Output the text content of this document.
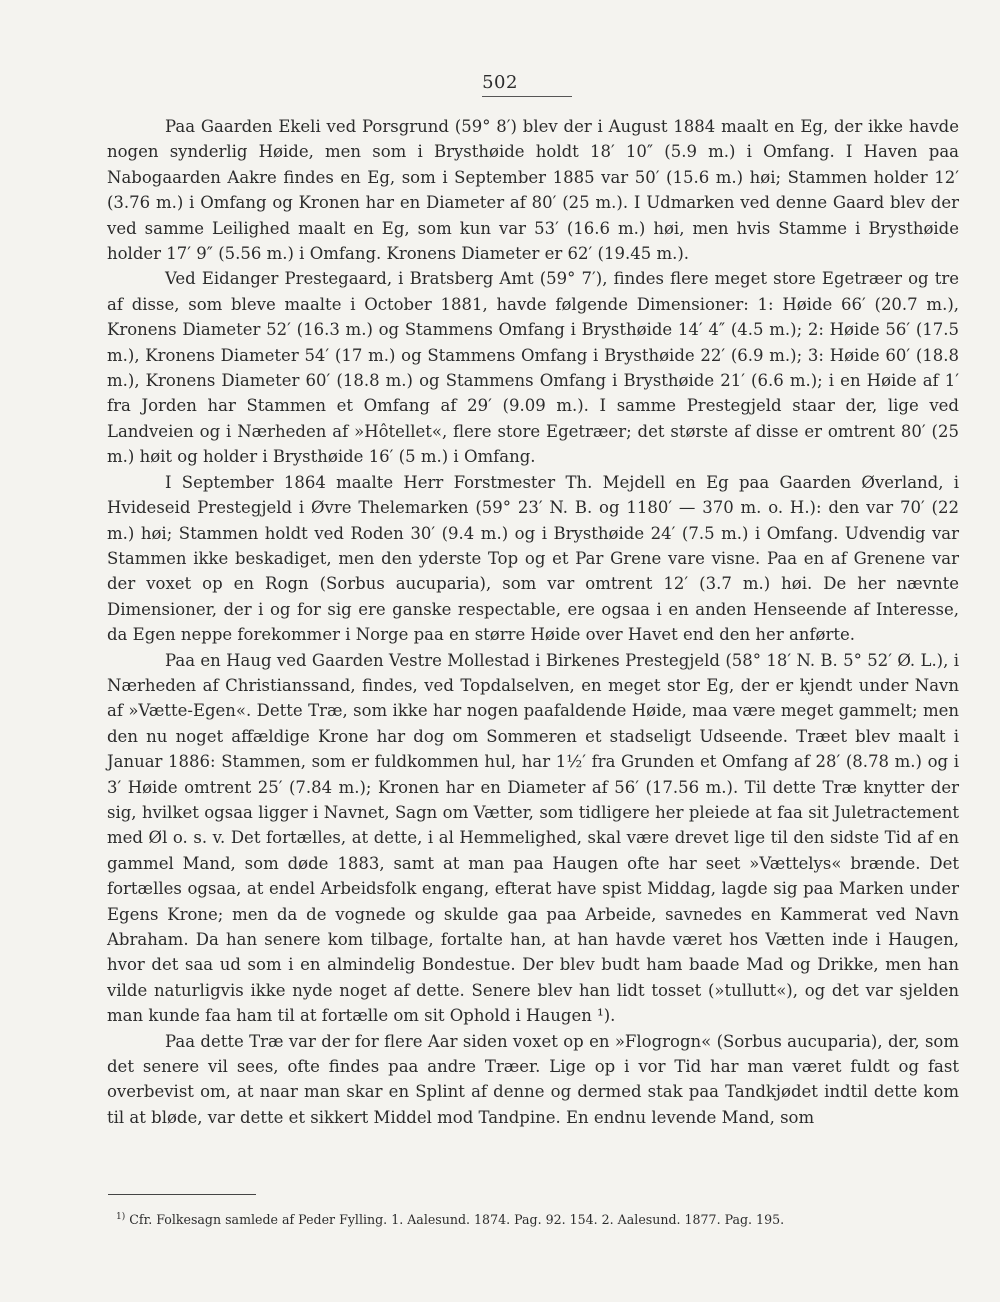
502

Paa Gaarden Ekeli ved Porsgrund (59° 8′) blev der i August 1884 maalt en Eg, der ikke havde nogen synderlig Høide, men som i Brysthøide holdt 18′ 10″ (5.9 m.) i Omfang. I Haven paa Nabogaarden Aakre findes en Eg, som i September 1885 var 50′ (15.6 m.) høi; Stammen holder 12′ (3.76 m.) i Omfang og Kronen har en Diameter af 80′ (25 m.). I Udmarken ved denne Gaard blev der ved samme Leilighed maalt en Eg, som kun var 53′ (16.6 m.) høi, men hvis Stamme i Brysthøide holder 17′ 9″ (5.56 m.) i Omfang. Kronens Diameter er 62′ (19.45 m.).

Ved Eidanger Prestegaard, i Bratsberg Amt (59° 7′), findes flere meget store Egetræer og tre af disse, som bleve maalte i October 1881, havde følgende Dimensioner: 1: Høide 66′ (20.7 m.), Kronens Diameter 52′ (16.3 m.) og Stammens Omfang i Brysthøide 14′ 4″ (4.5 m.); 2: Høide 56′ (17.5 m.), Kronens Diameter 54′ (17 m.) og Stammens Omfang i Brysthøide 22′ (6.9 m.); 3: Høide 60′ (18.8 m.), Kronens Diameter 60′ (18.8 m.) og Stammens Omfang i Brysthøide 21′ (6.6 m.); i en Høide af 1′ fra Jorden har Stammen et Omfang af 29′ (9.09 m.). I samme Prestegjeld staar der, lige ved Landveien og i Nærheden af »Hôtellet«, flere store Egetræer; det største af disse er omtrent 80′ (25 m.) høit og holder i Brysthøide 16′ (5 m.) i Omfang.

I September 1864 maalte Herr Forstmester Th. Mejdell en Eg paa Gaarden Øverland, i Hvideseid Prestegjeld i Øvre Thelemarken (59° 23′ N. B. og 1180′ — 370 m. o. H.): den var 70′ (22 m.) høi; Stammen holdt ved Roden 30′ (9.4 m.) og i Brysthøide 24′ (7.5 m.) i Omfang. Udvendig var Stammen ikke beskadiget, men den yderste Top og et Par Grene vare visne. Paa en af Grenene var der voxet op en Rogn (Sorbus aucuparia), som var omtrent 12′ (3.7 m.) høi. De her nævnte Dimensioner, der i og for sig ere ganske respectable, ere ogsaa i en anden Henseende af Interesse, da Egen neppe forekommer i Norge paa en større Høide over Havet end den her anførte.

Paa en Haug ved Gaarden Vestre Mollestad i Birkenes Prestegjeld (58° 18′ N. B. 5° 52′ Ø. L.), i Nærheden af Christianssand, findes, ved Topdalselven, en meget stor Eg, der er kjendt under Navn af »Vætte-Egen«. Dette Træ, som ikke har nogen paafaldende Høide, maa være meget gammelt; men den nu noget affældige Krone har dog om Sommeren et stadseligt Udseende. Træet blev maalt i Januar 1886: Stammen, som er fuldkommen hul, har 1½′ fra Grunden et Omfang af 28′ (8.78 m.) og i 3′ Høide omtrent 25′ (7.84 m.); Kronen har en Diameter af 56′ (17.56 m.). Til dette Træ knytter der sig, hvilket ogsaa ligger i Navnet, Sagn om Vætter, som tidligere her pleiede at faa sit Juletractement med Øl o. s. v. Det fortælles, at dette, i al Hemmelighed, skal være drevet lige til den sidste Tid af en gammel Mand, som døde 1883, samt at man paa Haugen ofte har seet »Vættelys« brænde. Det fortælles ogsaa, at endel Arbeidsfolk engang, efterat have spist Middag, lagde sig paa Marken under Egens Krone; men da de vognede og skulde gaa paa Arbeide, savnedes en Kammerat ved Navn Abraham. Da han senere kom tilbage, fortalte han, at han havde været hos Vætten inde i Haugen, hvor det saa ud som i en almindelig Bondestue. Der blev budt ham baade Mad og Drikke, men han vilde naturligvis ikke nyde noget af dette. Senere blev han lidt tosset (»tullutt«), og det var sjelden man kunde faa ham til at fortælle om sit Ophold i Haugen ¹).

Paa dette Træ var der for flere Aar siden voxet op en »Flogrogn« (Sorbus aucuparia), der, som det senere vil sees, ofte findes paa andre Træer. Lige op i vor Tid har man været fuldt og fast overbevist om, at naar man skar en Splint af denne og dermed stak paa Tandkjødet indtil dette kom til at bløde, var dette et sikkert Middel mod Tandpine. En endnu levende Mand, som

$^{1)}$ Cfr. Folkesagn samlede af Peder Fylling. 1. Aalesund. 1874. Pag. 92. 154. 2. Aalesund. 1877. Pag. 195.
